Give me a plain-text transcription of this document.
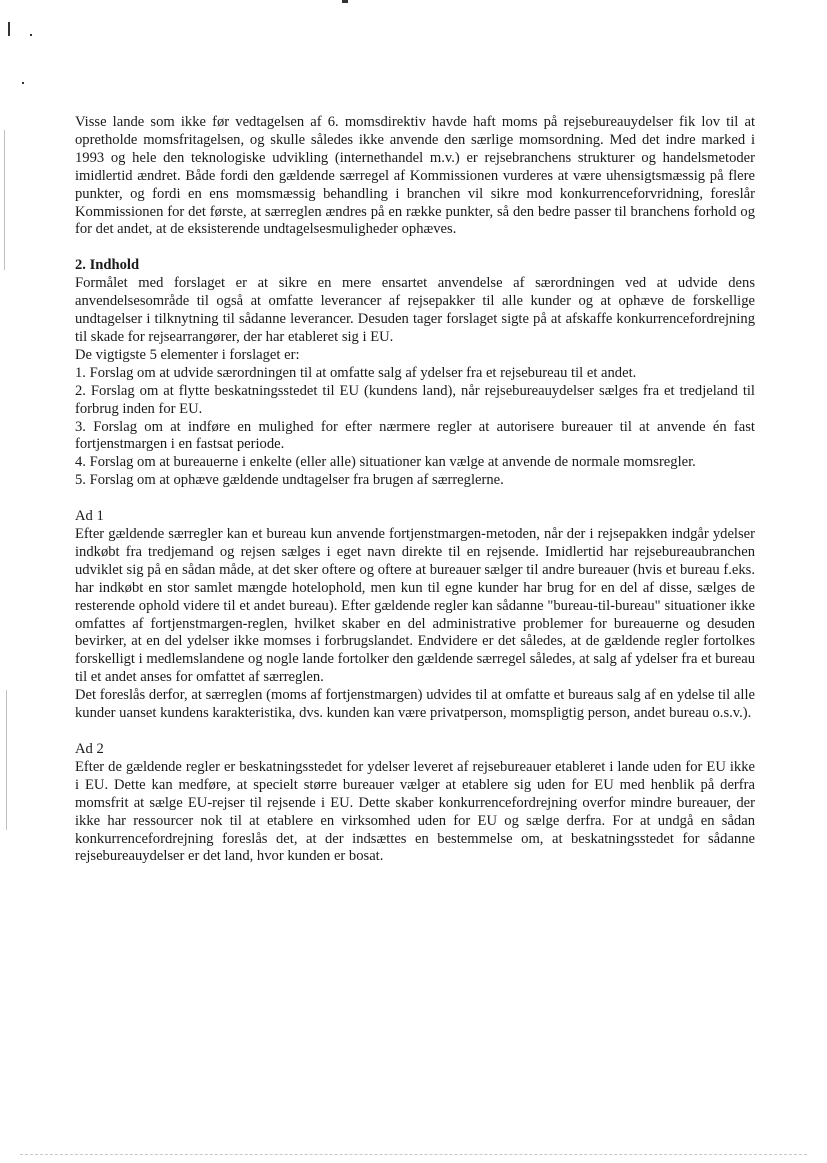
Visse lande som ikke før vedtagelsen af 6. momsdirektiv havde haft moms på rejsebureauydelser fik lov til at opretholde momsfritagelsen, og skulle således ikke anvende den særlige momsordning. Med det indre marked i 1993 og hele den teknologiske udvikling (internethandel m.v.) er rejsebranchens strukturer og handelsmetoder imidlertid ændret. Både fordi den gældende særregel af Kommissionen vurderes at være uhensigtsmæssig på flere punkter, og fordi en ens momsmæssig behandling i branchen vil sikre mod konkurrenceforvridning, foreslår Kommissionen for det første, at særreglen ændres på en række punkter, så den bedre passer til branchens forhold og for det andet, at de eksisterende undtagelsesmuligheder ophæves.

2. Indhold

Formålet med forslaget er at sikre en mere ensartet anvendelse af særordningen ved at udvide dens anvendelsesområde til også at omfatte leverancer af rejsepakker til alle kunder og at ophæve de forskellige undtagelser i tilknytning til sådanne leverancer. Desuden tager forslaget sigte på at afskaffe konkurrencefordrejning til skade for rejsearrangører, der har etableret sig i EU.

De vigtigste 5 elementer i forslaget er:

1. Forslag om at udvide særordningen til at omfatte salg af ydelser fra et rejsebureau til et andet.

2. Forslag om at flytte beskatningsstedet til EU (kundens land), når rejsebureauydelser sælges fra et tredjeland til forbrug inden for EU.

3. Forslag om at indføre en mulighed for efter nærmere regler at autorisere bureauer til at anvende én fast fortjenstmargen i en fastsat periode.

4. Forslag om at bureauerne i enkelte (eller alle) situationer kan vælge at anvende de normale momsregler.

5. Forslag om at ophæve gældende undtagelser fra brugen af særreglerne.

Ad 1

Efter gældende særregler kan et bureau kun anvende fortjenstmargen-metoden, når der i rejsepakken indgår ydelser indkøbt fra tredjemand og rejsen sælges i eget navn direkte til en rejsende. Imidlertid har rejsebureaubranchen udviklet sig på en sådan måde, at det sker oftere og oftere at bureauer sælger til andre bureauer (hvis et bureau f.eks. har indkøbt en stor samlet mængde hotelophold, men kun til egne kunder har brug for en del af disse, sælges de resterende ophold videre til et andet bureau). Efter gældende regler kan sådanne "bureau-til-bureau" situationer ikke omfattes af fortjenstmargen-reglen, hvilket skaber en del administrative problemer for bureauerne og desuden bevirker, at en del ydelser ikke momses i forbrugslandet. Endvidere er det således, at de gældende regler fortolkes forskelligt i medlemslandene og nogle lande fortolker den gældende særregel således, at salg af ydelser fra et bureau til et andet anses for omfattet af særreglen.

Det foreslås derfor, at særreglen (moms af fortjenstmargen) udvides til at omfatte et bureaus salg af en ydelse til alle kunder uanset kundens karakteristika, dvs. kunden kan være privatperson, momspligtig person, andet bureau o.s.v.).

Ad 2

Efter de gældende regler er beskatningsstedet for ydelser leveret af rejsebureauer etableret i lande uden for EU ikke i EU. Dette kan medføre, at specielt større bureauer vælger at etablere sig uden for EU med henblik på derfra momsfrit at sælge EU-rejser til rejsende i EU. Dette skaber konkurrencefordrejning overfor mindre bureauer, der ikke har ressourcer nok til at etablere en virksomhed uden for EU og sælge derfra. For at undgå en sådan konkurrencefordrejning foreslås det, at der indsættes en bestemmelse om, at beskatningsstedet for sådanne rejsebureauydelser er det land, hvor kunden er bosat.
